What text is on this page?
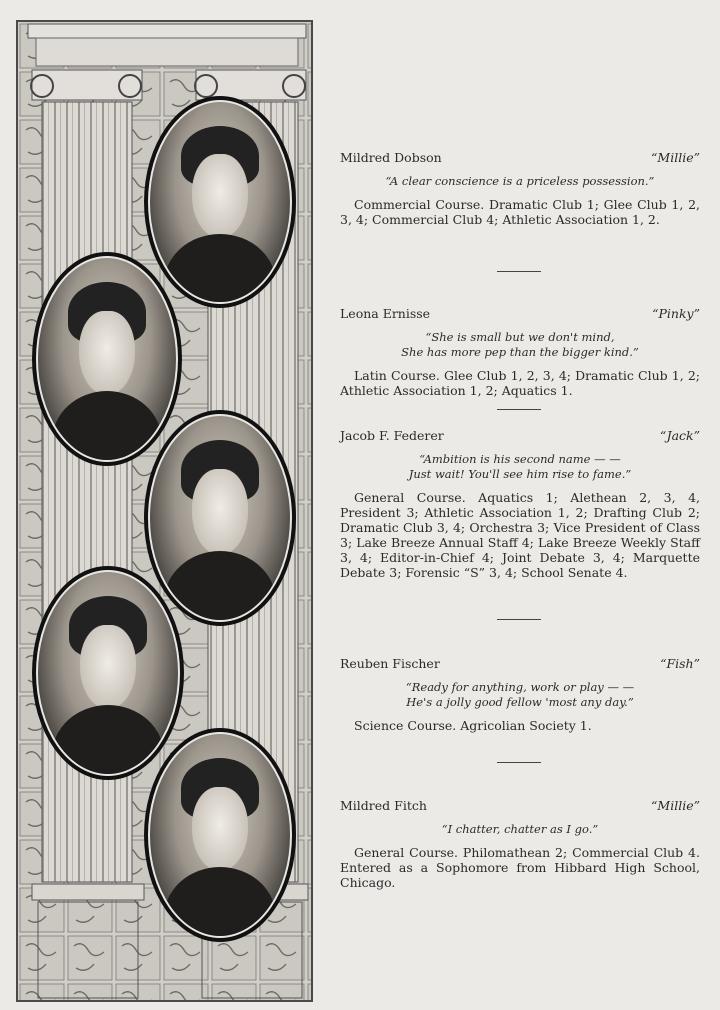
Mildred Dobson	“Millie”
“A clear conscience is a priceless possession.”
Commercial Course. Dramatic Club 1; Glee Club 1, 2, 3, 4; Commercial Club 4; Athletic Association 1, 2.
Leona Ernisse	“Pinky”
“She is small but we don't mind,
She has more pep than the bigger kind.”
Latin Course. Glee Club 1, 2, 3, 4; Dramatic Club 1, 2; Athletic Association 1, 2; Aquatics 1.
Jacob F. Federer	“Jack”
“Ambition is his second name — —
Just wait! You'll see him rise to fame.”
General Course. Aquatics 1; Alethean 2, 3, 4, President 3; Athletic Association 1, 2; Drafting Club 2; Dramatic Club 3, 4; Orchestra 3; Vice President of Class 3; Lake Breeze Annual Staff 4; Lake Breeze Weekly Staff 3, 4; Editor-in-Chief 4; Joint Debate 3, 4; Marquette Debate 3; Forensic “S” 3, 4; School Senate 4.
Reuben Fischer	“Fish”
“Ready for anything, work or play — —
He's a jolly good fellow 'most any day.”
Science Course. Agricolian Society 1.
Mildred Fitch	“Millie”
“I chatter, chatter as I go.”
General Course. Philomathean 2; Commercial Club 4. Entered as a Sophomore from Hibbard High School, Chicago.
